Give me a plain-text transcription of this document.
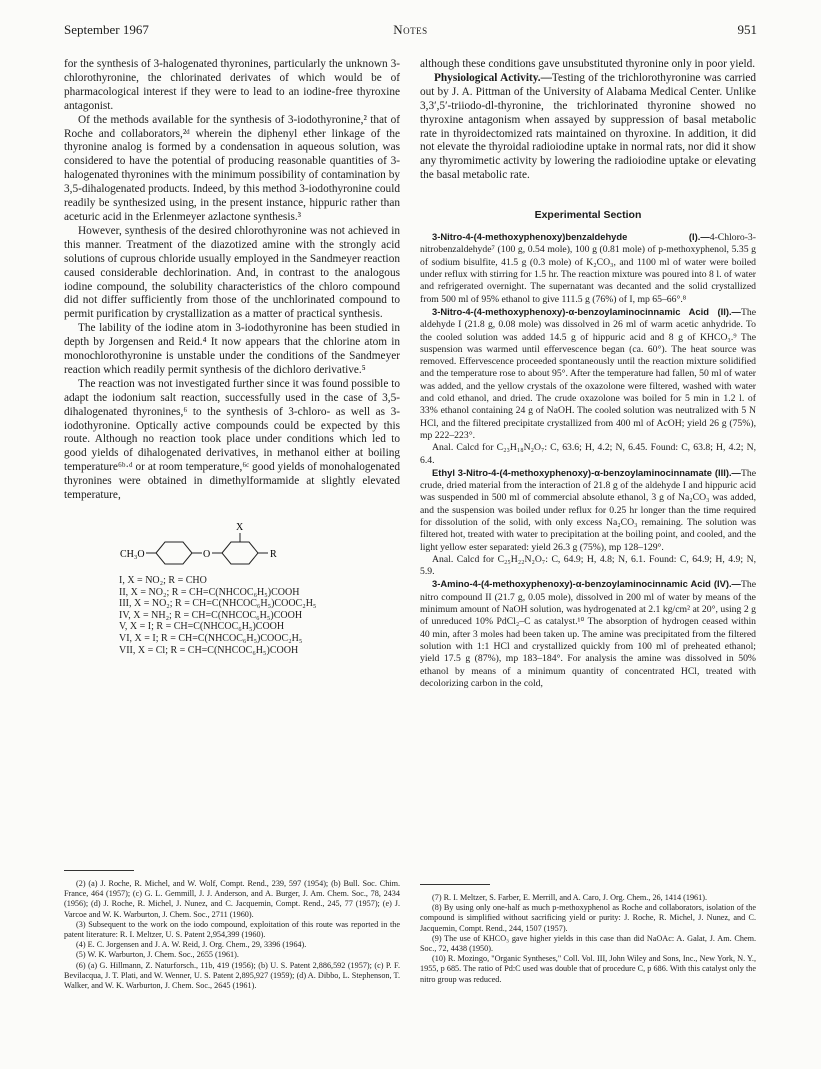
September 1967	Notes	951

for the synthesis of 3-halogenated thyronines, particularly the unknown 3-chlorothyronine, the chlorinated derivates of which would be of pharmacological interest if they were to lead to an iodine-free thyroxine antagonist.

Of the methods available for the synthesis of 3-iodothyronine,² that of Roche and collaborators,²ᵈ wherein the diphenyl ether linkage of the thyronine analog is formed by a condensation in aqueous solution, was considered to have the potential of producing reasonable quantities of 3-halogenated thyronines with the minimum possibility of contamination by 3,5-dihalogenated products. Indeed, by this method 3-iodothyronine could readily be synthesized using, in the present instance, hippuric rather than aceturic acid in the Erlenmeyer azlactone synthesis.³

However, synthesis of the desired chlorothyronine was not achieved in this manner. Treatment of the diazotized amine with the strongly acid solutions of cuprous chloride usually employed in the Sandmeyer reaction caused considerable dechlorination. And, in contrast to the analogous iodine compound, the solubility characteristics of the chloro compound did not differ sufficiently from those of the unchlorinated compound to permit purification by crystallization as a matter of practical synthesis.

The lability of the iodine atom in 3-iodothyronine has been studied in depth by Jorgensen and Reid.⁴ It now appears that the chlorine atom in monochlorothyronine is unstable under the conditions of the Sandmeyer reaction which readily permit synthesis of the dichloro derivative.⁵

The reaction was not investigated further since it was found possible to adapt the iodonium salt reaction, successfully used in the case of 3,5-dihalogenated thyronines,⁶ to the synthesis of 3-chloro- as well as 3-iodothyronine. Optically active compounds could be expected by this route. Although no reaction took place under conditions which led to good yields of dihalogenated derivatives, in methanol either at boiling temperature⁶ᵇ·ᵈ or at room temperature,⁶ᶜ good yields of monohalogenated thyronines were obtained in dimethylformamide at slightly elevated temperature,

CH₃O	O
X
R
I, X = NO₂; R = CHO
II, X = NO₂; R = CH=C(NHCOC₆H₅)COOH
III, X = NO₂; R = CH=C(NHCOC₆H₅)COOC₂H₅
IV, X = NH₂; R = CH=C(NHCOC₆H₅)COOH
V, X = I; R = CH=C(NHCOC₆H₅)COOH
VI, X = I; R = CH=C(NHCOC₆H₅)COOC₂H₅
VII, X = Cl; R = CH=C(NHCOC₆H₅)COOH

although these conditions gave unsubstituted thyronine only in poor yield.

Physiological Activity.—Testing of the trichlorothyronine was carried out by J. A. Pittman of the University of Alabama Medical Center. Unlike 3,3′,5′-triiodo-dl-thyronine, the trichlorinated thyronine showed no thyroxine antagonism when assayed by suppression of basal metabolic rate in thyroidectomized rats maintained on thyroxine. In addition, it did not elevate the thyroidal radioiodine uptake in normal rats, nor did it show any thyromimetic activity by lowering the radioiodine uptake or elevating the basal metabolic rate.

Experimental Section

3-Nitro-4-(4-methoxyphenoxy)benzaldehyde (I).—4-Chloro-3-nitrobenzaldehyde⁷ (100 g, 0.54 mole), 100 g (0.81 mole) of p-methoxyphenol, 5.35 g of sodium bisulfite, 41.5 g (0.3 mole) of K₂CO₃, and 1100 ml of water were boiled under reflux with stirring for 1.5 hr. The reaction mixture was poured into 8 l. of water and refrigerated overnight. The supernatant was decanted and the solid crystallized from 500 ml of 95% ethanol to give 111.5 g (76%) of I, mp 65–66°.⁸

3-Nitro-4-(4-methoxyphenoxy)-α-benzoylaminocinnamic Acid (II).—The aldehyde I (21.8 g, 0.08 mole) was dissolved in 26 ml of warm acetic anhydride. To the cooled solution was added 14.5 g of hippuric acid and 8 g of KHCO₃.⁹ The suspension was warmed until effervescence began (ca. 60°). The heat source was removed. Effervescence proceeded spontaneously until the reaction mixture solidified and the temperature rose to about 95°. After the temperature had fallen, 50 ml of water was added, and the yellow crystals of the oxazolone were filtered, washed with water and cold ethanol, and dried. The crude oxazolone was boiled for 5 min in 1.2 l. of 33% ethanol containing 24 g of NaOH. The cooled solution was neutralized with 5 N HCl, and the filtered precipitate crystallized from 400 ml of AcOH; yield 26 g (75%), mp 222–223°.

Anal. Calcd for C₂₃H₁₈N₂O₇: C, 63.6; H, 4.2; N, 6.45. Found: C, 63.8; H, 4.2; N, 6.4.

Ethyl 3-Nitro-4-(4-methoxyphenoxy)-α-benzoylaminocinnamate (III).—The crude, dried material from the interaction of 21.8 g of the aldehyde I and hippuric acid was suspended in 500 ml of commercial absolute ethanol, 3 g of Na₂CO₃ was added, and the suspension was boiled under reflux for 0.25 hr longer than the time required for dissolution of the solid, with only excess Na₂CO₃ remaining. The solution was filtered hot, treated with water to precipitation at the boiling point, and cooled, and the light yellow ester separated: yield 26.3 g (75%), mp 128–129°.

Anal. Calcd for C₂₅H₂₂N₂O₇: C, 64.9; H, 4.8; N, 6.1. Found: C, 64.9; H, 4.9; N, 5.9.

3-Amino-4-(4-methoxyphenoxy)-α-benzoylaminocinnamic Acid (IV).—The nitro compound II (21.7 g, 0.05 mole), dissolved in 200 ml of water by means of the minimum amount of NaOH solution, was hydrogenated at 2.1 kg/cm² at 20°, using 2 g of unreduced 10% PdCl₂–C as catalyst.¹⁰ The absorption of hydrogen ceased within 40 min, after 3 moles had been taken up. The amine was precipitated from the filtered solution with 1:1 HCl and crystallized quickly from 100 ml of preheated ethanol; yield 17.5 g (87%), mp 183–184°. For analysis the amine was dissolved in 50% ethanol by means of a minimum quantity of concentrated HCl, treated with decolorizing carbon in the cold,

(2) (a) J. Roche, R. Michel, and W. Wolf, Compt. Rend., 239, 597 (1954); (b) Bull. Soc. Chim. France, 464 (1957); (c) G. L. Gemmill, J. J. Anderson, and A. Burger, J. Am. Chem. Soc., 78, 2434 (1956); (d) J. Roche, R. Michel, J. Nunez, and C. Jacquemin, Compt. Rend., 245, 77 (1957); (e) J. Varcoe and W. K. Warburton, J. Chem. Soc., 2711 (1960).

(3) Subsequent to the work on the iodo compound, exploitation of this route was reported in the patent literature: R. I. Meltzer, U. S. Patent 2,954,399 (1960).

(4) E. C. Jorgensen and J. A. W. Reid, J. Org. Chem., 29, 3396 (1964).

(5) W. K. Warburton, J. Chem. Soc., 2655 (1961).

(6) (a) G. Hillmann, Z. Naturforsch., 11b, 419 (1956); (b) U. S. Patent 2,886,592 (1957); (c) P. F. Bevilacqua, J. T. Plati, and W. Wenner, U. S. Patent 2,895,927 (1959); (d) A. Dibbo, L. Stephenson, T. Walker, and W. K. Warburton, J. Chem. Soc., 2645 (1961).

(7) R. I. Meltzer, S. Farber, E. Merrill, and A. Caro, J. Org. Chem., 26, 1414 (1961).

(8) By using only one-half as much p-methoxyphenol as Roche and collaborators, isolation of the compound is simplified without sacrificing yield or purity: J. Roche, R. Michel, J. Nunez, and C. Jacquemin, Compt. Rend., 244, 1507 (1957).

(9) The use of KHCO₃ gave higher yields in this case than did NaOAc: A. Galat, J. Am. Chem. Soc., 72, 4438 (1950).

(10) R. Mozingo, "Organic Syntheses," Coll. Vol. III, John Wiley and Sons, Inc., New York, N. Y., 1955, p 685. The ratio of Pd:C used was double that of procedure C, p 686. With this catalyst only the nitro group was reduced.
